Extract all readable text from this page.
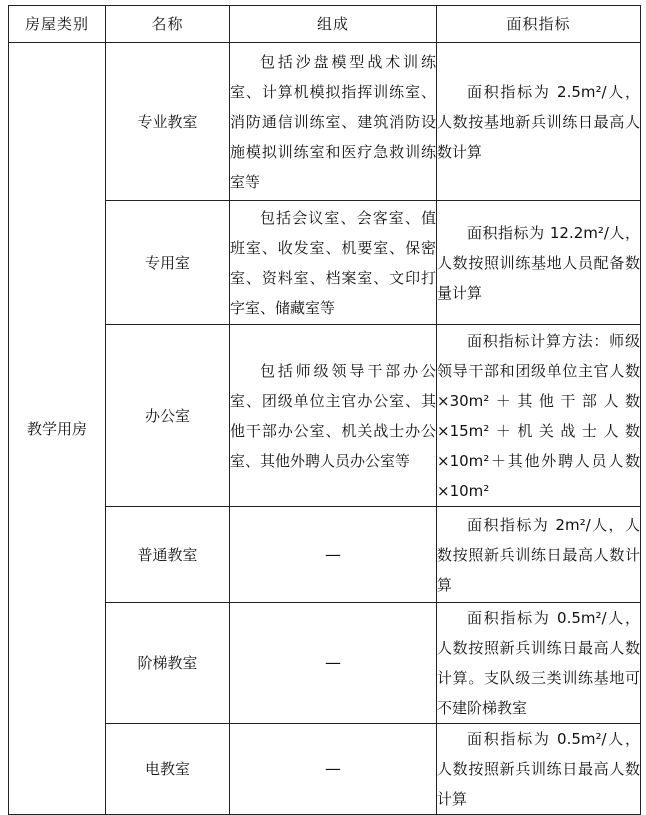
房屋类别	名称	组成	面积指标
教学用房	专业教室	包括沙盘模型战术训练室、计算机模拟指挥训练室、消防通信训练室、建筑消防设施模拟训练室和医疗急救训练室等	面积指标为 2.5m²/人，人数按基地新兵训练日最高人数计算

	专用室	包括会议室、会客室、值班室、收发室、机要室、保密室、资料室、档案室、文印打字室、储藏室等	面积指标为 12.2m²/人，人数按照训练基地人员配备数量计算

	办公室	包括师级领导干部办公室、团级单位主官办公室、其他干部办公室、机关战士办公室、其他外聘人员办公室等	面积指标计算方法：师级领导干部和团级单位主官人数×30m²＋其他干部人数×15m²＋机关战士人数×10m²＋其他外聘人员人数×10m²

	普通教室	—	面积指标为 2m²/人，人数按照新兵训练日最高人数计算

	阶梯教室	—	面积指标为 0.5m²/人，人数按照新兵训练日最高人数计算。支队级三类训练基地可不建阶梯教室

	电教室	—	面积指标为 0.5m²/人，人数按照新兵训练日最高人数计算
